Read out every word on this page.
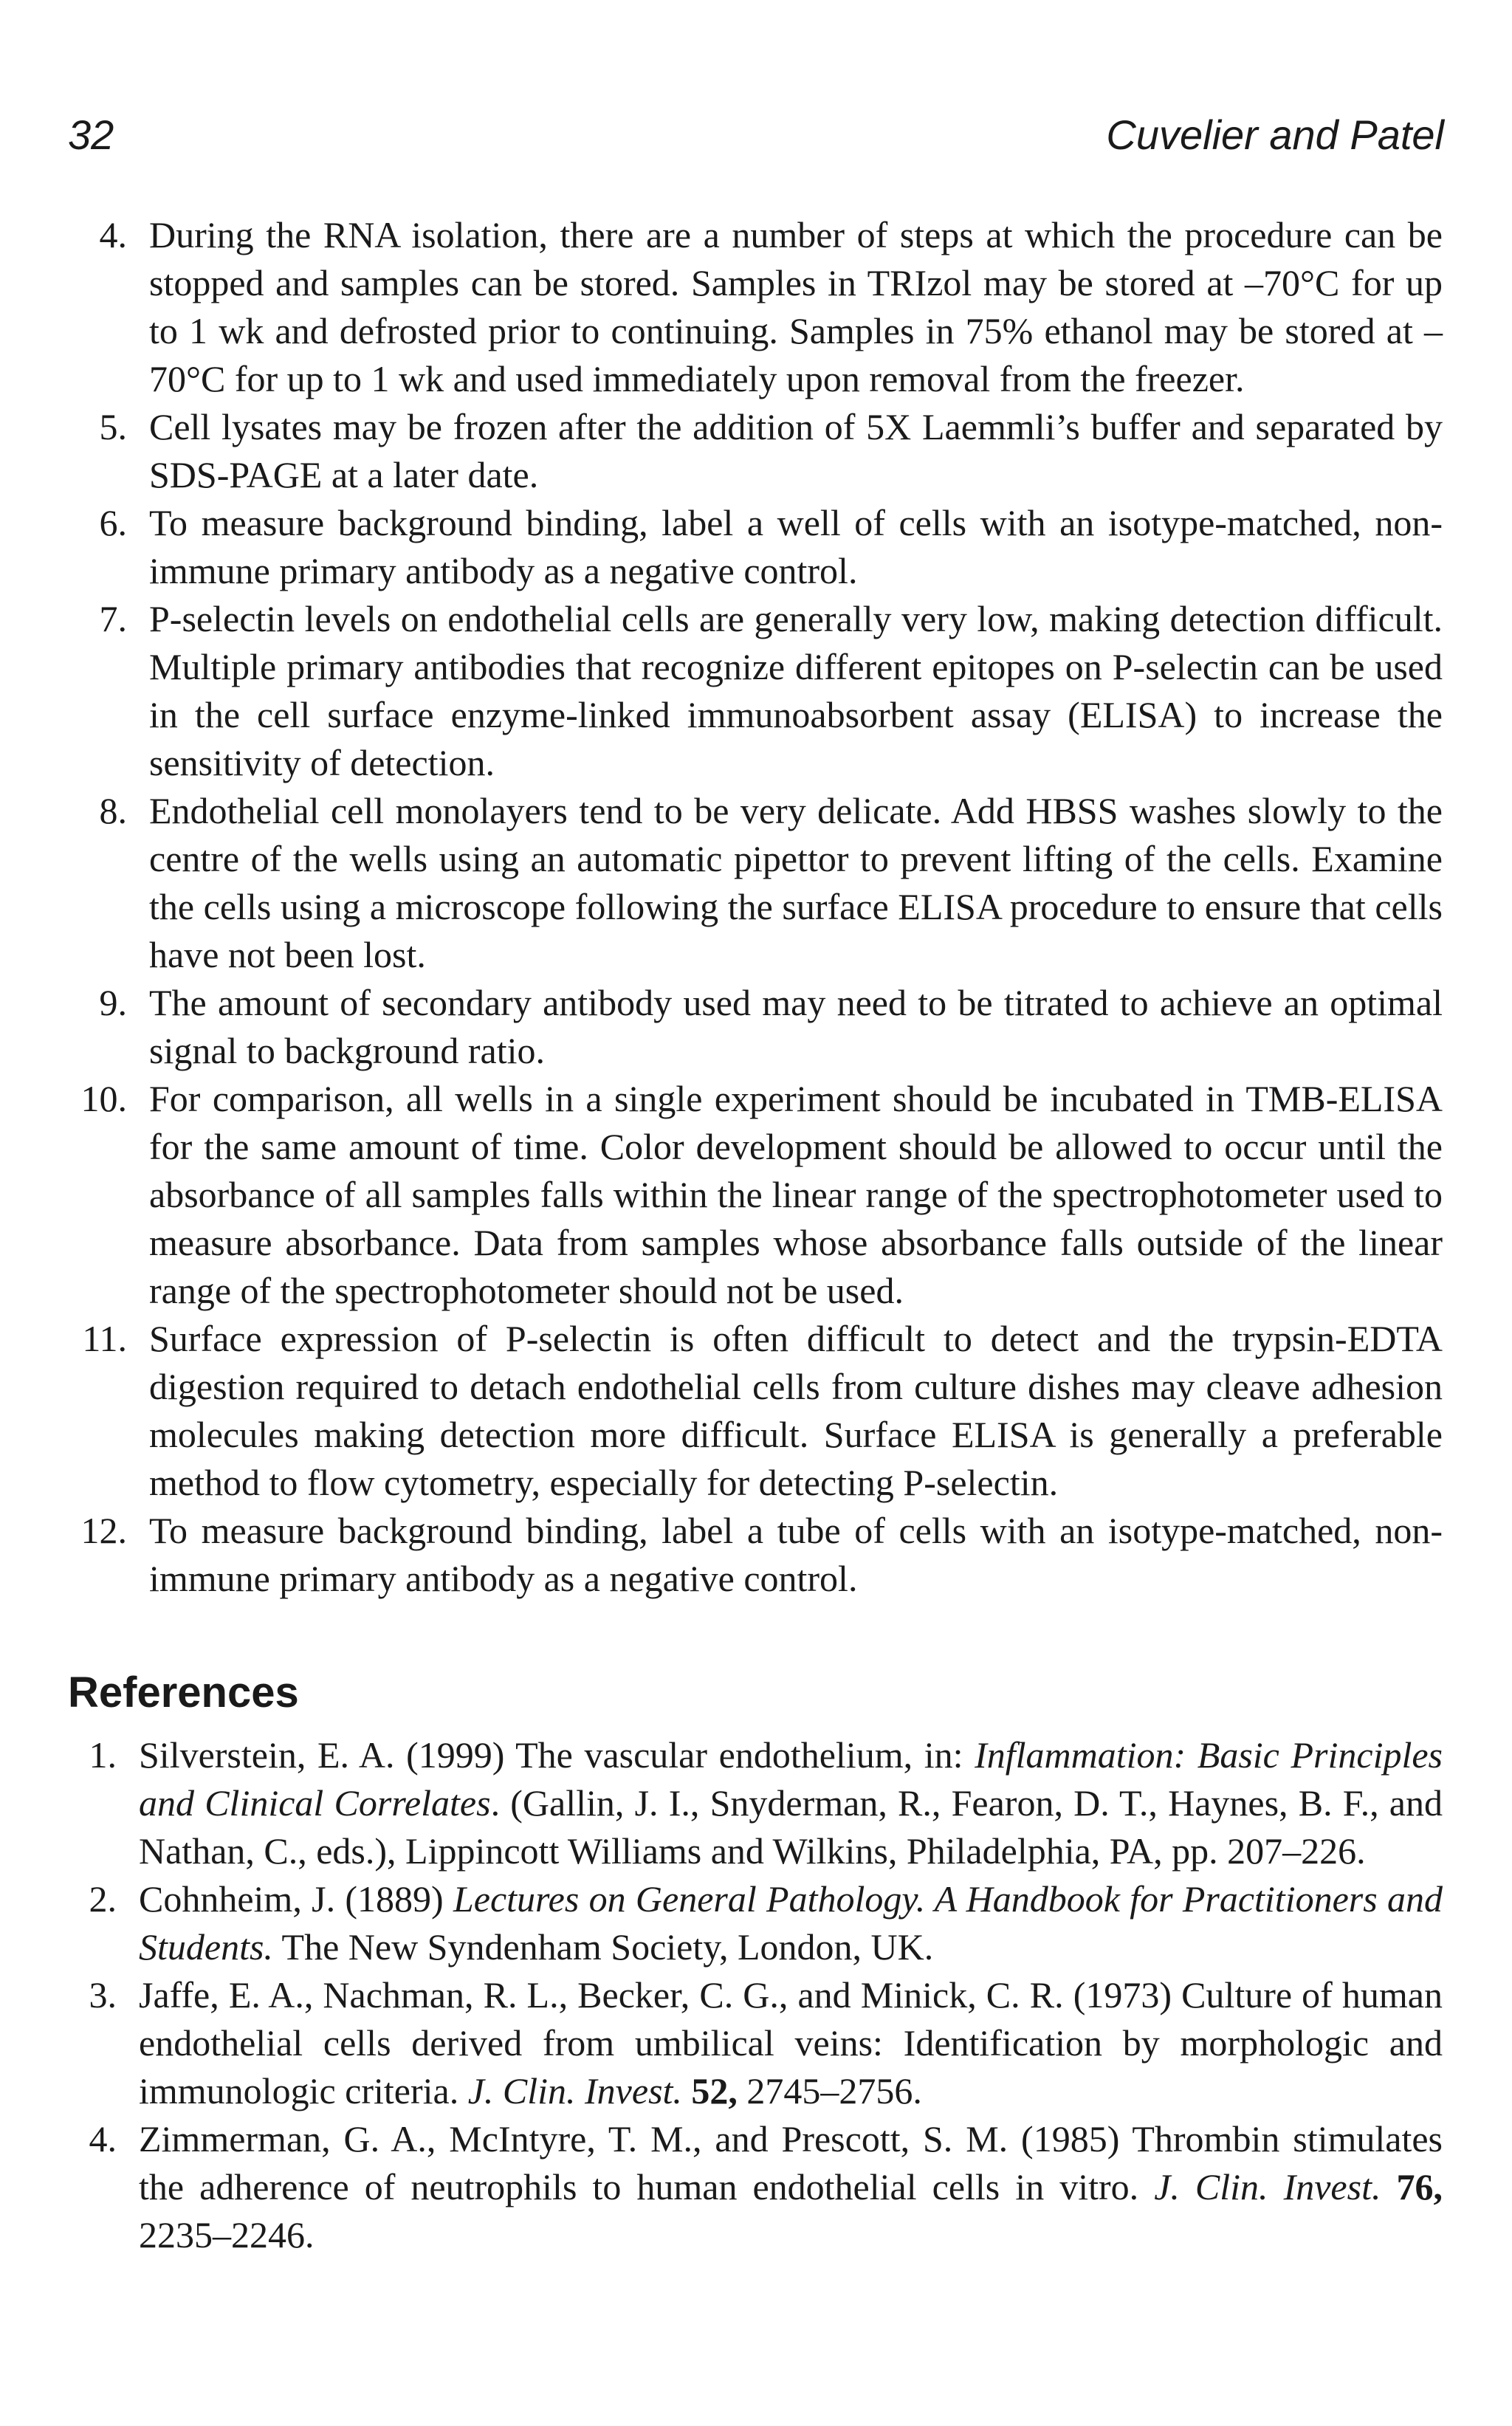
32	Cuvelier and Patel
4. During the RNA isolation, there are a number of steps at which the procedure can be stopped and samples can be stored. Samples in TRIzol may be stored at –70°C for up to 1 wk and defrosted prior to continuing. Samples in 75% ethanol may be stored at –70°C for up to 1 wk and used immediately upon removal from the freezer.
5. Cell lysates may be frozen after the addition of 5X Laemmli’s buffer and separated by SDS-PAGE at a later date.
6. To measure background binding, label a well of cells with an isotype-matched, non-immune primary antibody as a negative control.
7. P-selectin levels on endothelial cells are generally very low, making detection difficult. Multiple primary antibodies that recognize different epitopes on P-selectin can be used in the cell surface enzyme-linked immunoabsorbent assay (ELISA) to increase the sensitivity of detection.
8. Endothelial cell monolayers tend to be very delicate. Add HBSS washes slowly to the centre of the wells using an automatic pipettor to prevent lifting of the cells. Examine the cells using a microscope following the surface ELISA procedure to ensure that cells have not been lost.
9. The amount of secondary antibody used may need to be titrated to achieve an optimal signal to background ratio.
10. For comparison, all wells in a single experiment should be incubated in TMB-ELISA for the same amount of time. Color development should be allowed to occur until the absorbance of all samples falls within the linear range of the spectrophotometer used to measure absorbance. Data from samples whose absorbance falls outside of the linear range of the spectrophotometer should not be used.
11. Surface expression of P-selectin is often difficult to detect and the trypsin-EDTA digestion required to detach endothelial cells from culture dishes may cleave adhesion molecules making detection more difficult. Surface ELISA is generally a preferable method to flow cytometry, especially for detecting P-selectin.
12. To measure background binding, label a tube of cells with an isotype-matched, non-immune primary antibody as a negative control.
References
1. Silverstein, E. A. (1999) The vascular endothelium, in: Inflammation: Basic Principles and Clinical Correlates. (Gallin, J. I., Snyderman, R., Fearon, D. T., Haynes, B. F., and Nathan, C., eds.), Lippincott Williams and Wilkins, Philadelphia, PA, pp. 207–226.
2. Cohnheim, J. (1889) Lectures on General Pathology. A Handbook for Practitioners and Students. The New Syndenham Society, London, UK.
3. Jaffe, E. A., Nachman, R. L., Becker, C. G., and Minick, C. R. (1973) Culture of human endothelial cells derived from umbilical veins: Identification by morphologic and immunologic criteria. J. Clin. Invest. 52, 2745–2756.
4. Zimmerman, G. A., McIntyre, T. M., and Prescott, S. M. (1985) Thrombin stimulates the adherence of neutrophils to human endothelial cells in vitro. J. Clin. Invest. 76, 2235–2246.
